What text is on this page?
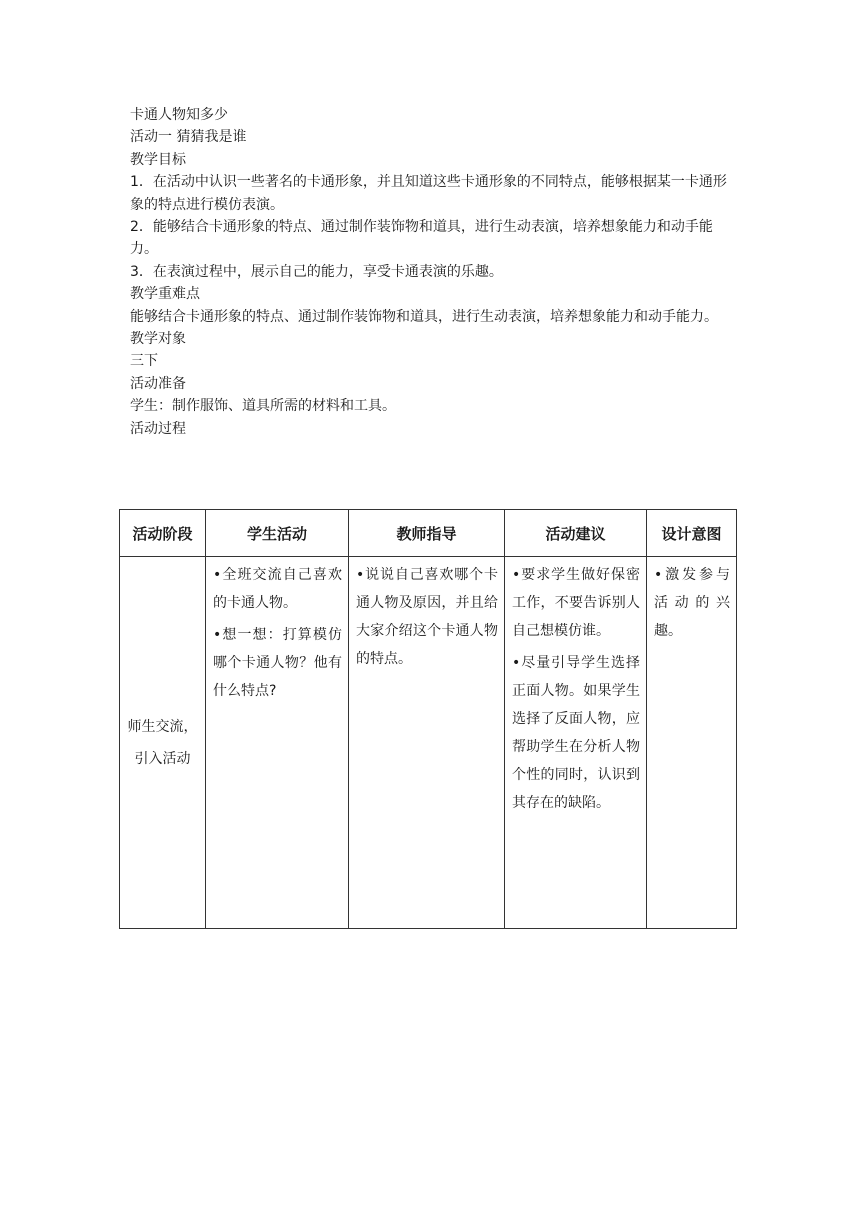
卡通人物知多少
活动一 猜猜我是谁
教学目标
1．在活动中认识一些著名的卡通形象，并且知道这些卡通形象的不同特点，能够根据某一卡通形象的特点进行模仿表演。
2．能够结合卡通形象的特点、通过制作装饰物和道具，进行生动表演，培养想象能力和动手能力。
3．在表演过程中，展示自己的能力，享受卡通表演的乐趣。
教学重难点
能够结合卡通形象的特点、通过制作装饰物和道具，进行生动表演，培养想象能力和动手能力。
教学对象
三下
活动准备
学生：制作服饰、道具所需的材料和工具。
活动过程
活动阶段	学生活动	教师指导	活动建议	设计意图

师生交流，
引入活动	•全班交流自己喜欢的卡通人物。
•想一想：打算模仿哪个卡通人物？他有什么特点?	•说说自己喜欢哪个卡通人物及原因，并且给大家介绍这个卡通人物的特点。	•要求学生做好保密工作，不要告诉别人自己想模仿谁。
•尽量引导学生选择正面人物。如果学生选择了反面人物，应帮助学生在分析人物个性的同时，认识到其存在的缺陷。	•激发参与活动的兴趣。
